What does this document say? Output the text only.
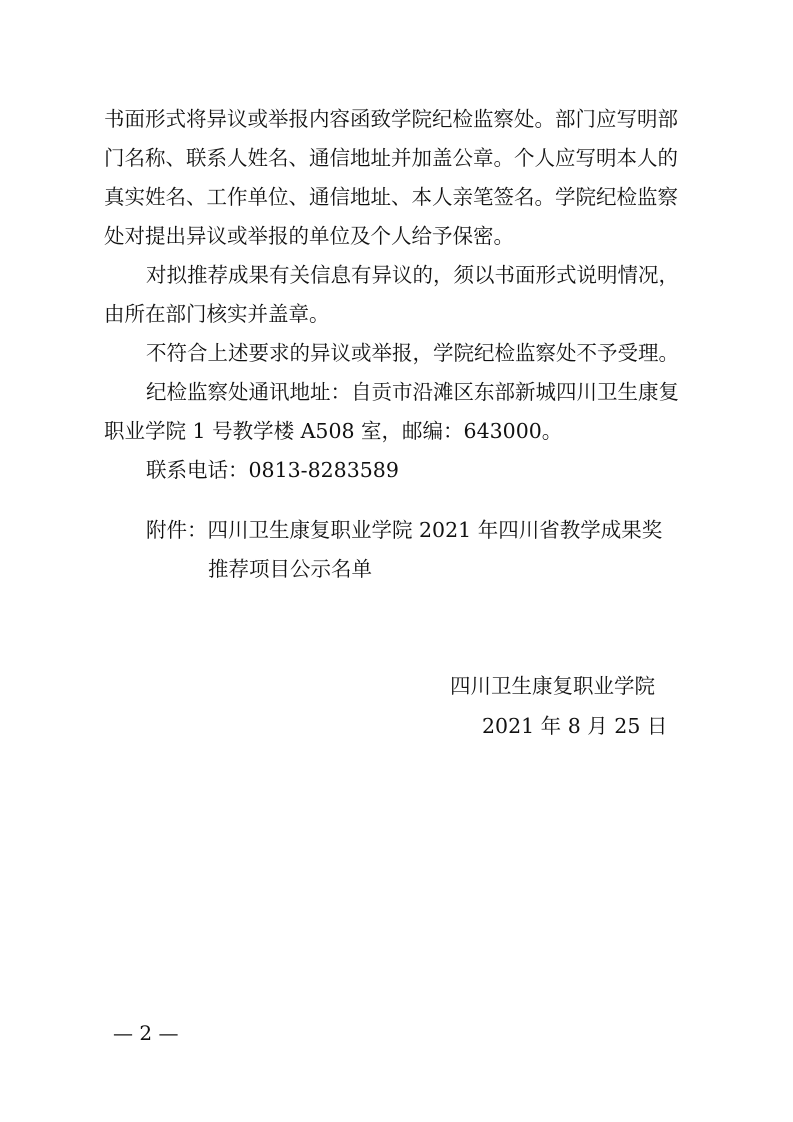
书面形式将异议或举报内容函致学院纪检监察处。部门应写明部
门名称、联系人姓名、通信地址并加盖公章。个人应写明本人的
真实姓名、工作单位、通信地址、本人亲笔签名。学院纪检监察
处对提出异议或举报的单位及个人给予保密。
对拟推荐成果有关信息有异议的，须以书面形式说明情况，
由所在部门核实并盖章。
不符合上述要求的异议或举报，学院纪检监察处不予受理。
纪检监察处通讯地址：自贡市沿滩区东部新城四川卫生康复
职业学院 1 号教学楼 A508 室，邮编：643000。
联系电话：0813-8283589
附件：四川卫生康复职业学院 2021 年四川省教学成果奖
推荐项目公示名单
四川卫生康复职业学院
2021 年 8 月 25 日
— 2 —
